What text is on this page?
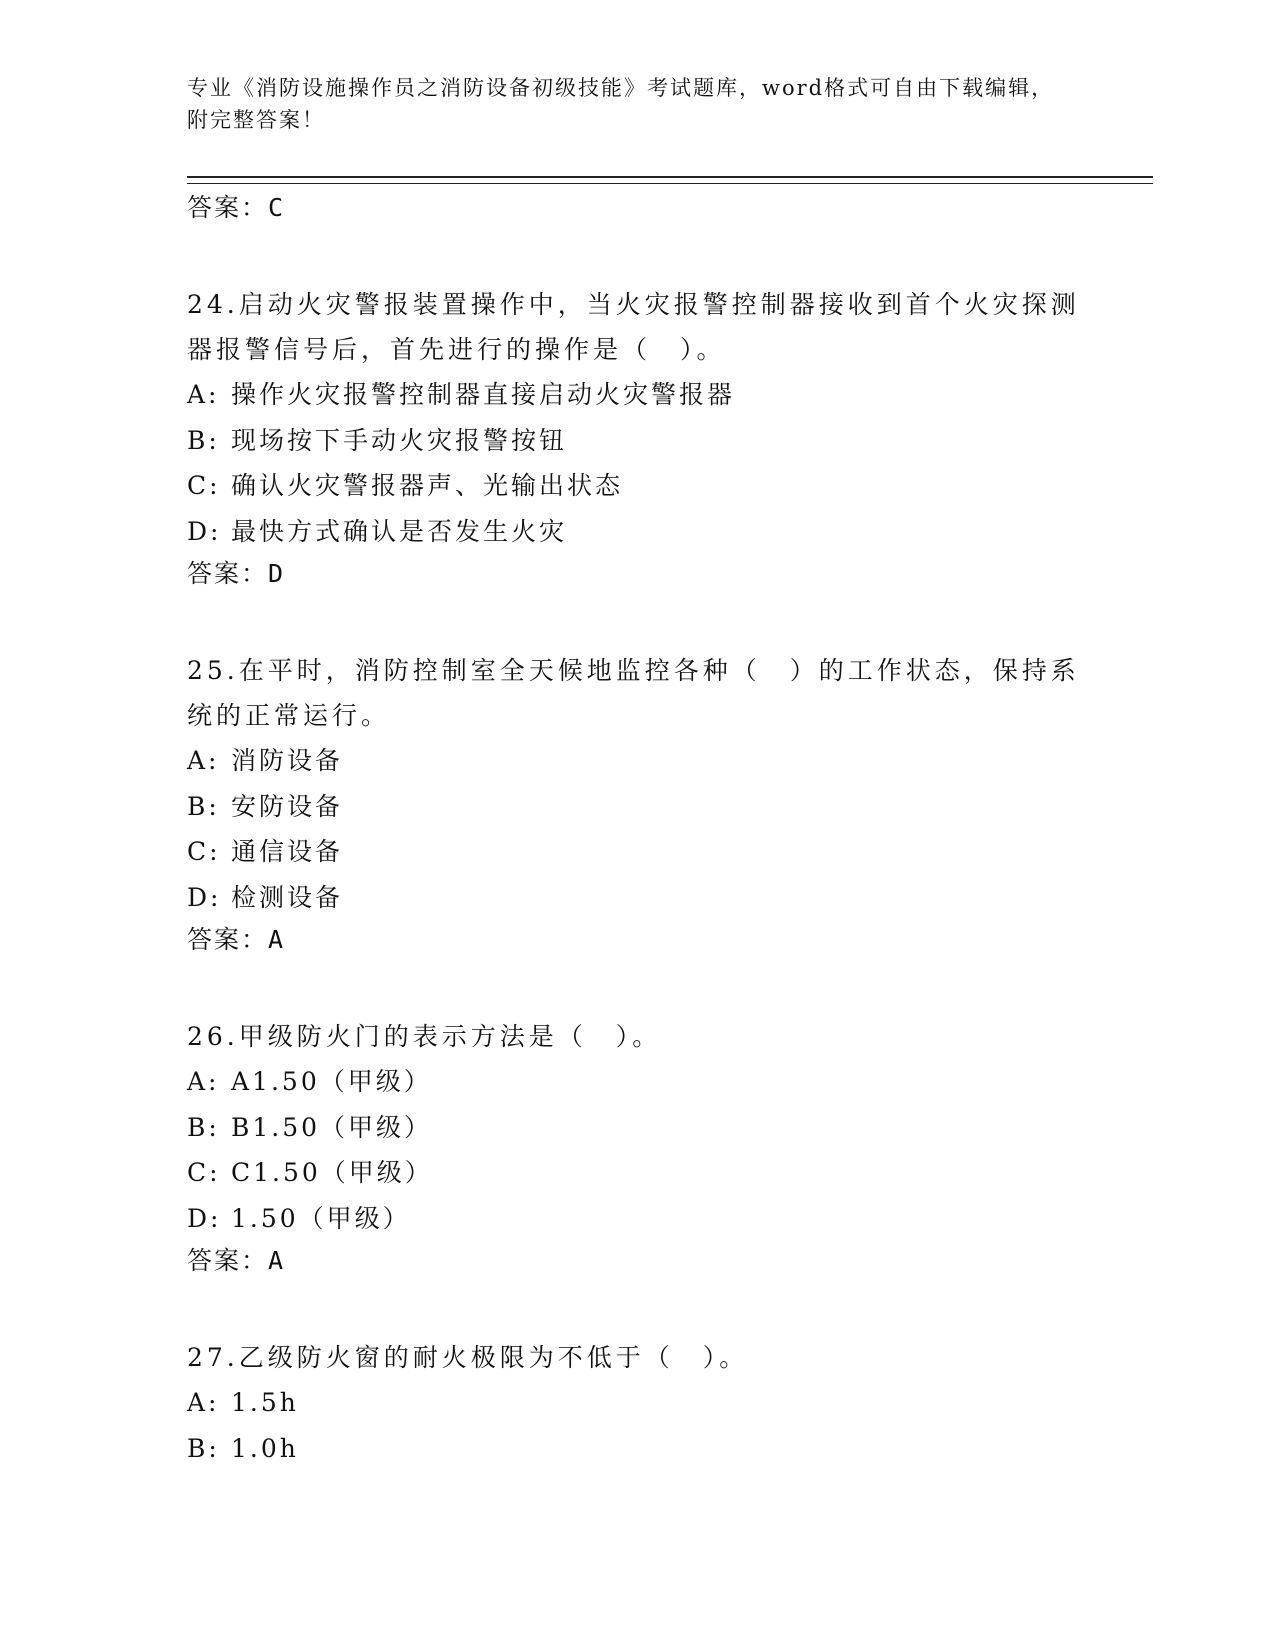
专业《消防设施操作员之消防设备初级技能》考试题库，word格式可自由下载编辑，附完整答案！
答案：C

24.启动火灾警报装置操作中，当火灾报警控制器接收到首个火灾探测器报警信号后，首先进行的操作是（　）。

A: 操作火灾报警控制器直接启动火灾警报器

B: 现场按下手动火灾报警按钮

C: 确认火灾警报器声、光输出状态

D: 最快方式确认是否发生火灾

答案：D

25.在平时，消防控制室全天候地监控各种（　）的工作状态，保持系统的正常运行。

A: 消防设备

B: 安防设备

C: 通信设备

D: 检测设备

答案：A

26.甲级防火门的表示方法是（　）。

A: A1.50（甲级）

B: B1.50（甲级）

C: C1.50（甲级）

D: 1.50（甲级）

答案：A

27.乙级防火窗的耐火极限为不低于（　）。

A: 1.5h

B: 1.0h
